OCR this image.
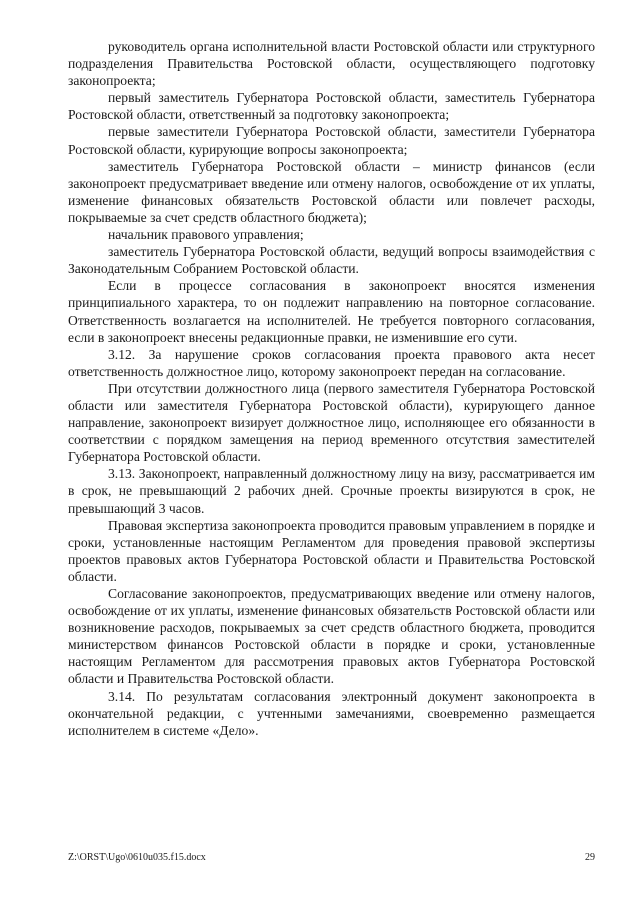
руководитель органа исполнительной власти Ростовской области или структурного подразделения Правительства Ростовской области, осуществляющего подготовку законопроекта;

первый заместитель Губернатора Ростовской области, заместитель Губернатора Ростовской области, ответственный за подготовку законопроекта;

первые заместители Губернатора Ростовской области, заместители Губернатора Ростовской области, курирующие вопросы законопроекта;

заместитель Губернатора Ростовской области – министр финансов (если законопроект предусматривает введение или отмену налогов, освобождение от их уплаты, изменение финансовых обязательств Ростовской области или повлечет расходы, покрываемые за счет средств областного бюджета);

начальник правового управления;

заместитель Губернатора Ростовской области, ведущий вопросы взаимодействия с Законодательным Собранием Ростовской области.

Если в процессе согласования в законопроект вносятся изменения принципиального характера, то он подлежит направлению на повторное согласование. Ответственность возлагается на исполнителей. Не требуется повторного согласования, если в законопроект внесены редакционные правки, не изменившие его сути.

3.12. За нарушение сроков согласования проекта правового акта несет ответственность должностное лицо, которому законопроект передан на согласование.

При отсутствии должностного лица (первого заместителя Губернатора Ростовской области или заместителя Губернатора Ростовской области), курирующего данное направление, законопроект визирует должностное лицо, исполняющее его обязанности в соответствии с порядком замещения на период временного отсутствия заместителей Губернатора Ростовской области.

3.13. Законопроект, направленный должностному лицу на визу, рассматривается им в срок, не превышающий 2 рабочих дней. Срочные проекты визируются в срок, не превышающий 3 часов.

Правовая экспертиза законопроекта проводится правовым управлением в порядке и сроки, установленные настоящим Регламентом для проведения правовой экспертизы проектов правовых актов Губернатора Ростовской области и Правительства Ростовской области.

Согласование законопроектов, предусматривающих введение или отмену налогов, освобождение от их уплаты, изменение финансовых обязательств Ростовской области или возникновение расходов, покрываемых за счет средств областного бюджета, проводится министерством финансов Ростовской области в порядке и сроки, установленные настоящим Регламентом для рассмотрения правовых актов Губернатора Ростовской области и Правительства Ростовской области.

3.14. По результатам согласования электронный документ законопроекта в окончательной редакции, с учтенными замечаниями, своевременно размещается исполнителем в системе «Дело».

Z:\ORST\Ugo\0610u035.f15.docx	29
